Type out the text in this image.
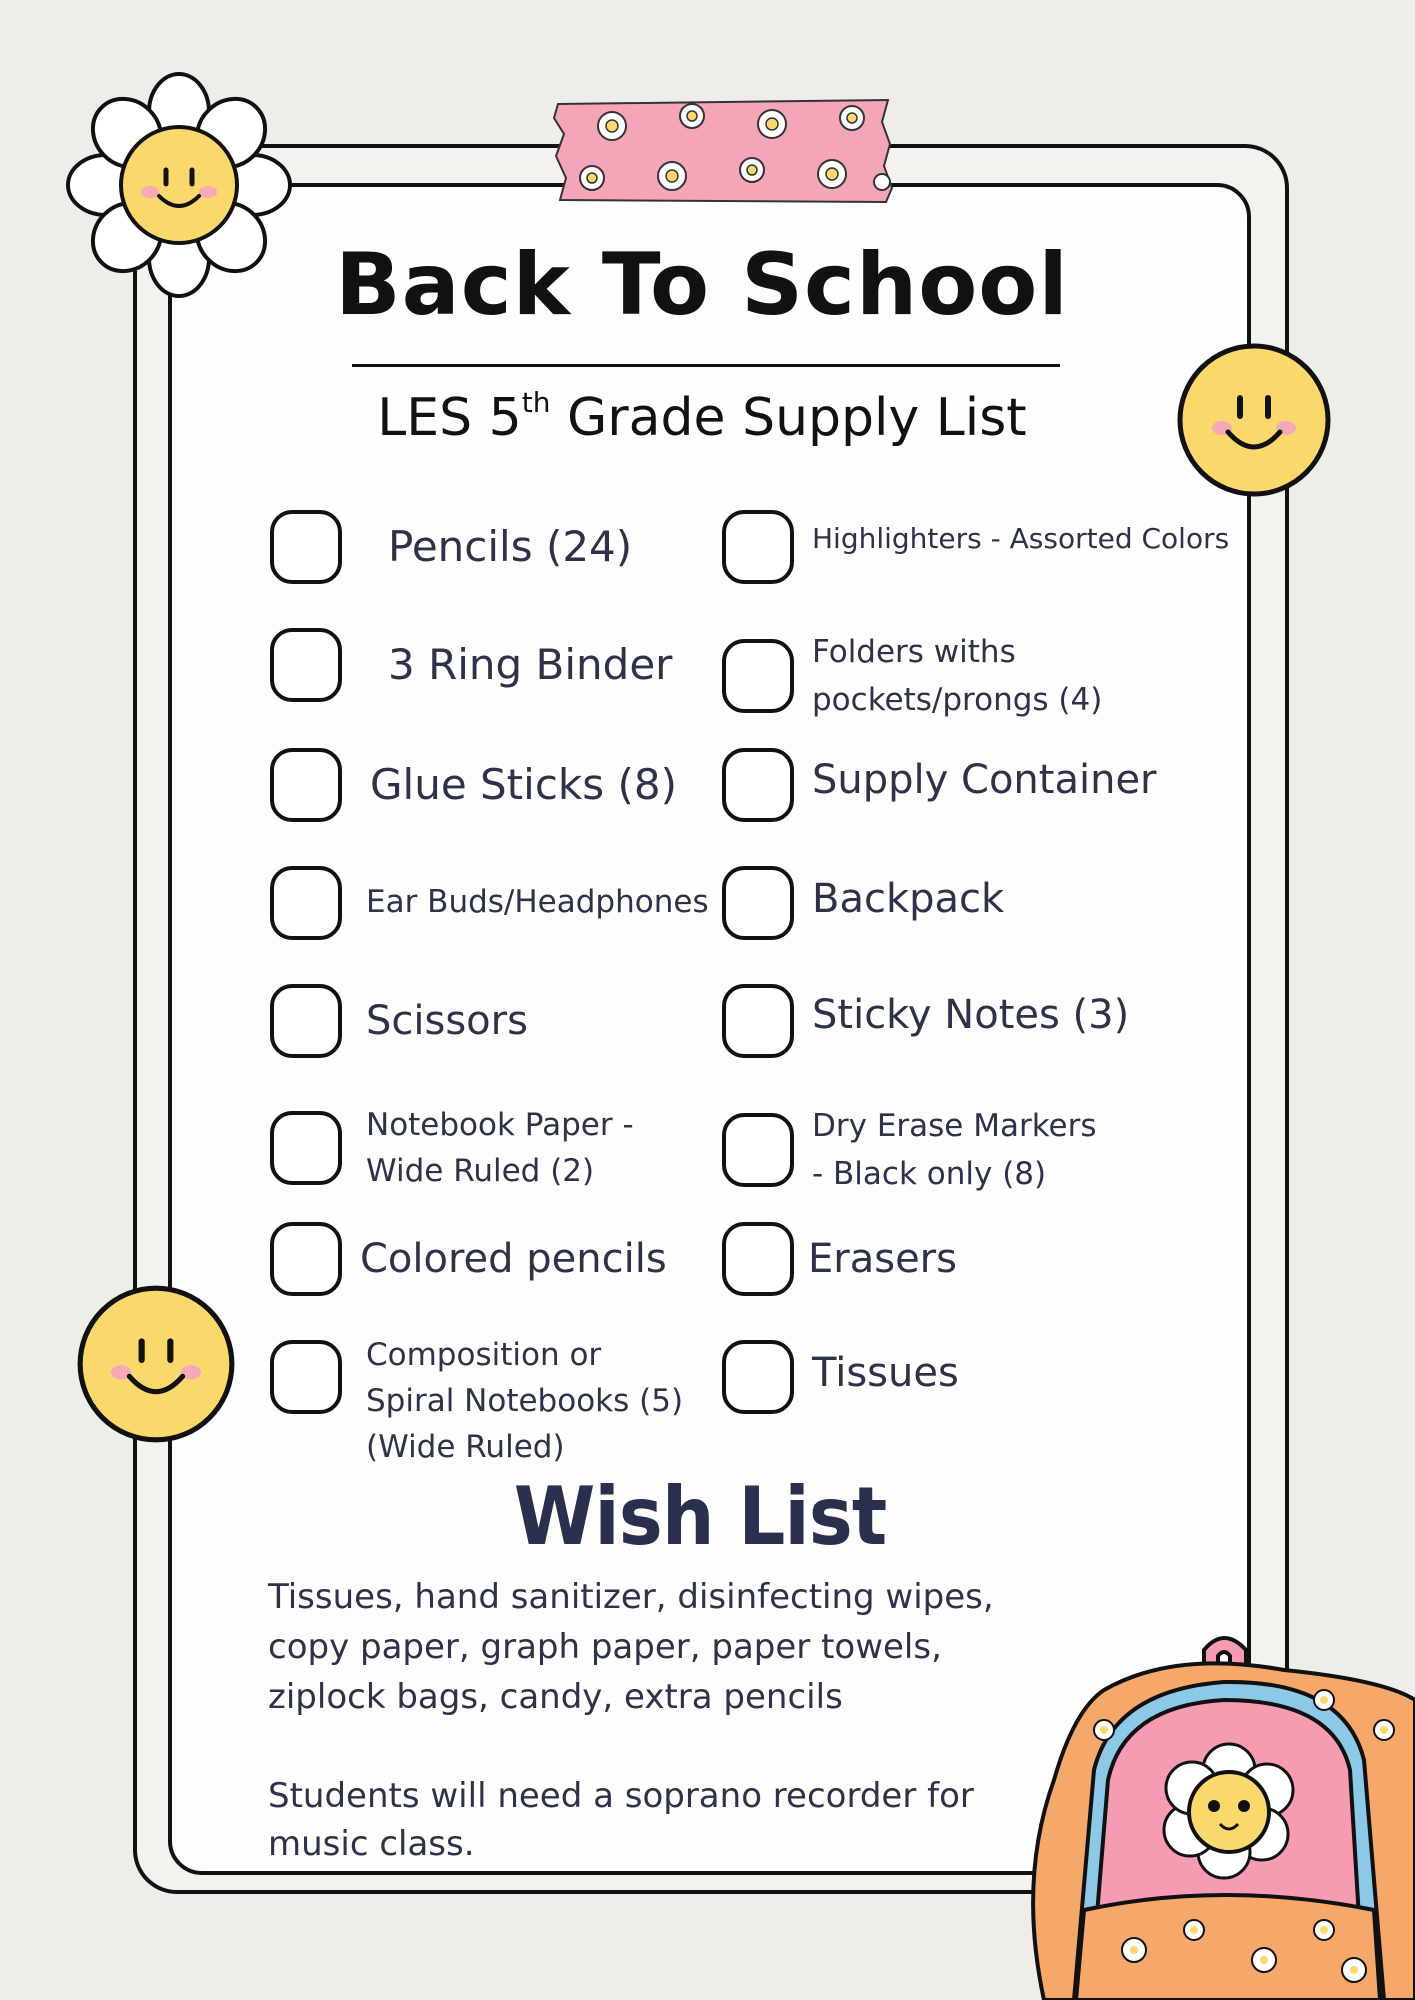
Back To School

LES 5th Grade Supply List

Pencils (24)
3 Ring Binder
Glue Sticks (8)
Ear Buds/Headphones
Scissors
Notebook Paper - Wide Ruled (2)
Colored pencils
Composition or Spiral Notebooks (5) (Wide Ruled)
Highlighters - Assorted Colors
Folders withs pockets/prongs (4)
Supply Container
Backpack
Sticky Notes (3)
Dry Erase Markers - Black only (8)
Erasers
Tissues
Wish List

Tissues, hand sanitizer, disinfecting wipes, copy paper, graph paper, paper towels, ziplock bags, candy, extra pencils

Students will need a soprano recorder for music class.
